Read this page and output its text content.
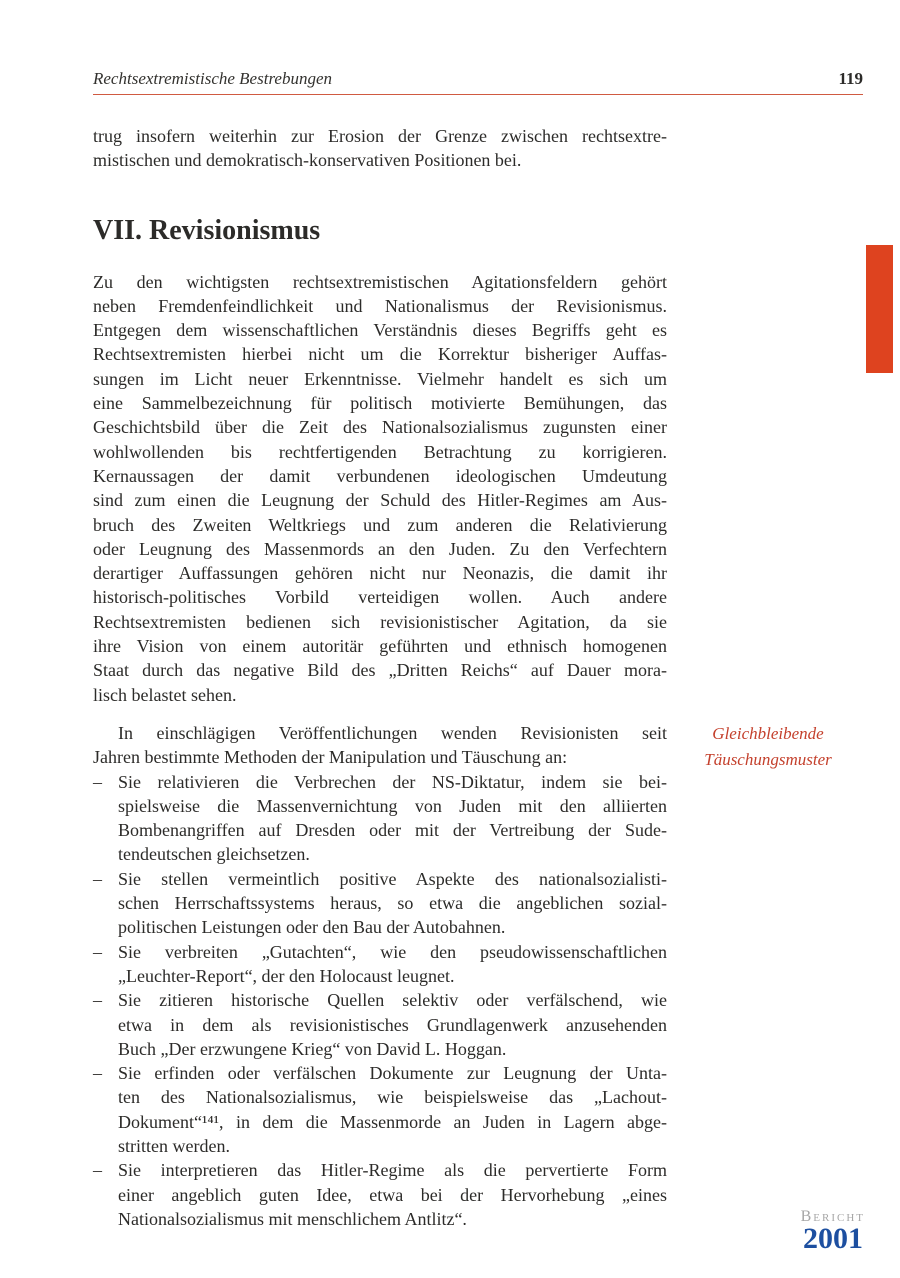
Rechtsextremistische Bestrebungen	119
trug insofern weiterhin zur Erosion der Grenze zwischen rechtsextre-
mistischen und demokratisch-konservativen Positionen bei.
VII. Revisionismus
Zu den wichtigsten rechtsextremistischen Agitationsfeldern gehört
neben Fremdenfeindlichkeit und Nationalismus der Revisionismus.
Entgegen dem wissenschaftlichen Verständnis dieses Begriffs geht es
Rechtsextremisten hierbei nicht um die Korrektur bisheriger Auffas-
sungen im Licht neuer Erkenntnisse. Vielmehr handelt es sich um
eine Sammelbezeichnung für politisch motivierte Bemühungen, das
Geschichtsbild über die Zeit des Nationalsozialismus zugunsten einer
wohlwollenden bis rechtfertigenden Betrachtung zu korrigieren.
Kernaussagen der damit verbundenen ideologischen Umdeutung
sind zum einen die Leugnung der Schuld des Hitler-Regimes am Aus-
bruch des Zweiten Weltkriegs und zum anderen die Relativierung
oder Leugnung des Massenmords an den Juden. Zu den Verfechtern
derartiger Auffassungen gehören nicht nur Neonazis, die damit ihr
historisch-politisches Vorbild verteidigen wollen. Auch andere
Rechtsextremisten bedienen sich revisionistischer Agitation, da sie
ihre Vision von einem autoritär geführten und ethnisch homogenen
Staat durch das negative Bild des „Dritten Reichs“ auf Dauer mora-
lisch belastet sehen.
In einschlägigen Veröffentlichungen wenden Revisionisten seit
Jahren bestimmte Methoden der Manipulation und Täuschung an:
– Sie relativieren die Verbrechen der NS-Diktatur, indem sie bei-
spielsweise die Massenvernichtung von Juden mit den alliierten
Bombenangriffen auf Dresden oder mit der Vertreibung der Sude-
tendeutschen gleichsetzen.
– Sie stellen vermeintlich positive Aspekte des nationalsozialisti-
schen Herrschaftssystems heraus, so etwa die angeblichen sozial-
politischen Leistungen oder den Bau der Autobahnen.
– Sie verbreiten „Gutachten“, wie den pseudowissenschaftlichen
„Leuchter-Report“, der den Holocaust leugnet.
– Sie zitieren historische Quellen selektiv oder verfälschend, wie
etwa in dem als revisionistisches Grundlagenwerk anzusehenden
Buch „Der erzwungene Krieg“ von David L. Hoggan.
– Sie erfinden oder verfälschen Dokumente zur Leugnung der Unta-
ten des Nationalsozialismus, wie beispielsweise das „Lachout-
Dokument“¹⁴¹, in dem die Massenmorde an Juden in Lagern abge-
stritten werden.
– Sie interpretieren das Hitler-Regime als die pervertierte Form
einer angeblich guten Idee, etwa bei der Hervorhebung „eines
Nationalsozialismus mit menschlichem Antlitz“.
Gleichbleibende
Täuschungsmuster
Bericht
2001
